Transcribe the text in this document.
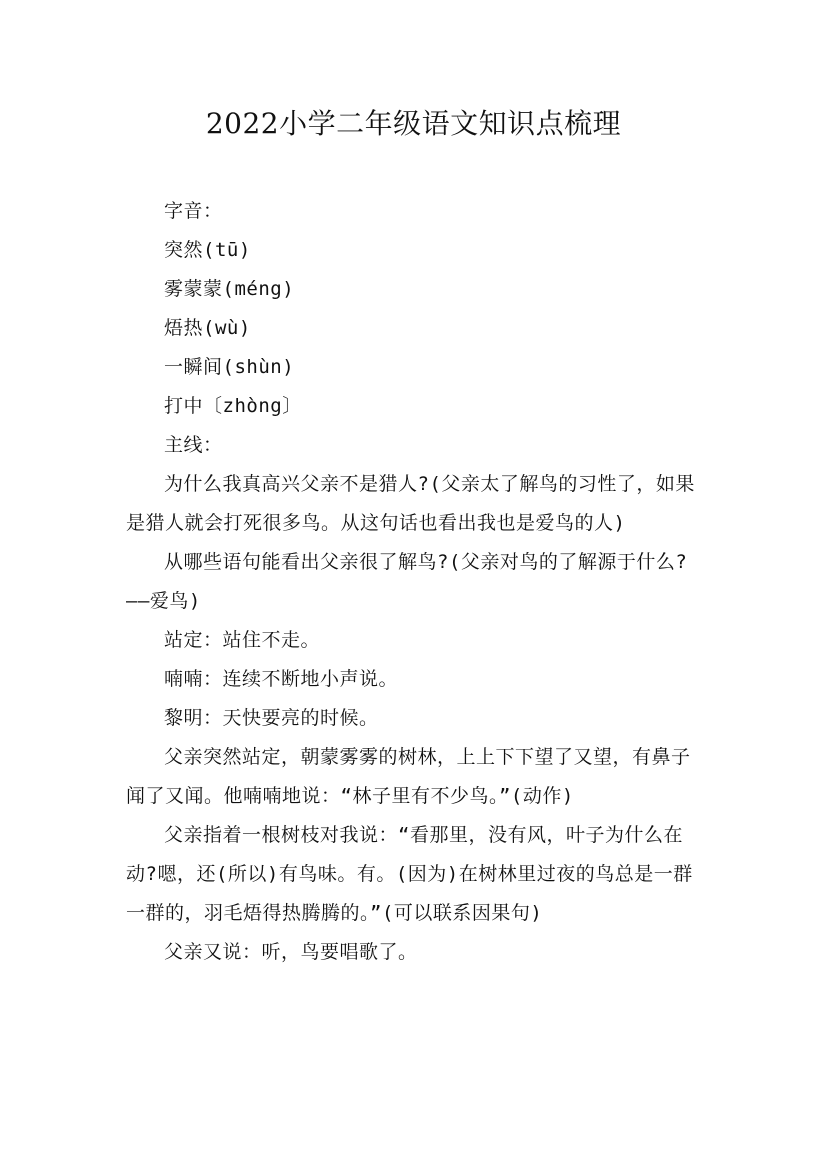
2022小学二年级语文知识点梳理

字音：

突然(tū)

雾蒙蒙(méng)

焐热(wù)

一瞬间(shùn)

打中〔zhòng〕

主线：

为什么我真高兴父亲不是猎人?(父亲太了解鸟的习性了，如果是猎人就会打死很多鸟。从这句话也看出我也是爱鸟的人)

从哪些语句能看出父亲很了解鸟?(父亲对鸟的了解源于什么?——爱鸟)

站定：站住不走。

喃喃：连续不断地小声说。

黎明：天快要亮的时候。

父亲突然站定，朝蒙雾雾的树林，上上下下望了又望，有鼻子闻了又闻。他喃喃地说：“林子里有不少鸟。”(动作)

父亲指着一根树枝对我说：“看那里，没有风，叶子为什么在动?嗯，还(所以)有鸟味。有。(因为)在树林里过夜的鸟总是一群一群的，羽毛焐得热腾腾的。”(可以联系因果句)

父亲又说：听，鸟要唱歌了。
